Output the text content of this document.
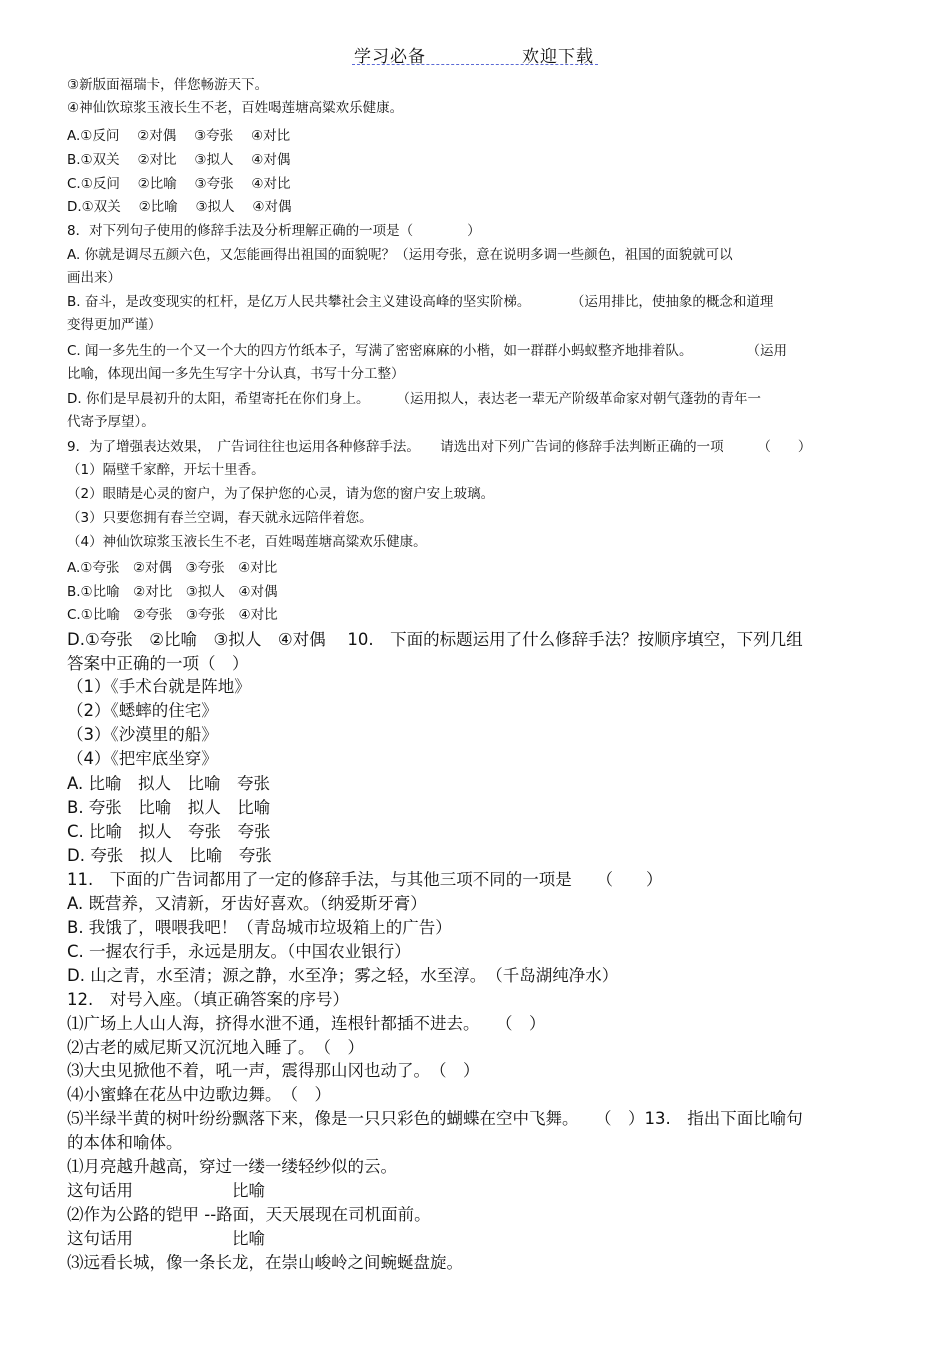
学习必备	欢迎下载
③新版面福瑞卡，伴您畅游天下。
④神仙饮琼浆玉液长生不老，百姓喝莲塘高粱欢乐健康。
A.①反问　 ②对偶　 ③夸张　 ④对比
B.①双关　 ②对比　 ③拟人　 ④对偶
C.①反问　 ②比喻　 ③夸张　 ④对比
D.①双关　 ②比喻　 ③拟人　 ④对偶
8．对下列句子使用的修辞手法及分析理解正确的一项是（　　　　）
A. 你就是调尽五颜六色，又怎能画得出祖国的面貌呢？（运用夸张，意在说明多调一些颜色，祖国的面貌就可以
画出来）
B. 奋斗，是改变现实的杠杆，是亿万人民共攀社会主义建设高峰的坚实阶梯。　　　　（运用排比，使抽象的概念和道理
变得更加严谨）
C. 闻一多先生的一个又一个大的四方竹纸本子，写满了密密麻麻的小楷，如一群群小蚂蚁整齐地排着队。　　　　　（运用
比喻，体现出闻一多先生写字十分认真，书写十分工整）
D. 你们是早晨初升的太阳，希望寄托在你们身上。　　　（运用拟人，表达老一辈无产阶级革命家对朝气蓬勃的青年一
代寄予厚望）。
9．为了增强表达效果，　广告词往往也运用各种修辞手法。　　请选出对下列广告词的修辞手法判断正确的一项　　　（　　）
（1）隔壁千家醉，开坛十里香。
（2）眼睛是心灵的窗户，为了保护您的心灵，请为您的窗户安上玻璃。
（3）只要您拥有春兰空调，春天就永远陪伴着您。
（4）神仙饮琼浆玉液长生不老，百姓喝莲塘高粱欢乐健康。
A.①夸张　②对偶　③夸张　④对比
B.①比喻　②对比　③拟人　④对偶
C.①比喻　②夸张　③夸张　④对比
D.①夸张　②比喻　③拟人　④对偶　 10.　下面的标题运用了什么修辞手法？按顺序填空，下列几组
答案中正确的一项（　）
（1）《手术台就是阵地》
（2）《蟋蟀的住宅》
（3）《沙漠里的船》
（4）《把牢底坐穿》
A. 比喻　拟人　比喻　夸张
B. 夸张　比喻　拟人　比喻
C. 比喻　拟人　夸张　夸张
D. 夸张　拟人　比喻　夸张
11.　下面的广告词都用了一定的修辞手法，与其他三项不同的一项是　　（　　）
A. 既营养，又清新，牙齿好喜欢。（纳爱斯牙膏）
B. 我饿了，喂喂我吧！（青岛城市垃圾箱上的广告）
C. 一握农行手，永远是朋友。（中国农业银行）
D. 山之青，水至清；源之静，水至净；雾之轻，水至淳。　（千岛湖纯净水）
12.　对号入座。（填正确答案的序号）
⑴广场上人山人海，挤得水泄不通，连根针都插不进去。　　（　）
⑵古老的威尼斯又沉沉地入睡了。　（　）
⑶大虫见掀他不着，吼一声，震得那山冈也动了。　（　）
⑷小蜜蜂在花丛中边歌边舞。　（　）
⑸半绿半黄的树叶纷纷飘落下来，像是一只只彩色的蝴蝶在空中飞舞。　　（　）13.　指出下面比喻句
的本体和喻体。
⑴月亮越升越高，穿过一缕一缕轻纱似的云。
这句话用　　　　　　比喻
⑵作为公路的铠甲 --路面，天天展现在司机面前。
这句话用　　　　　　比喻
⑶远看长城，像一条长龙，在崇山峻岭之间蜿蜒盘旋。
